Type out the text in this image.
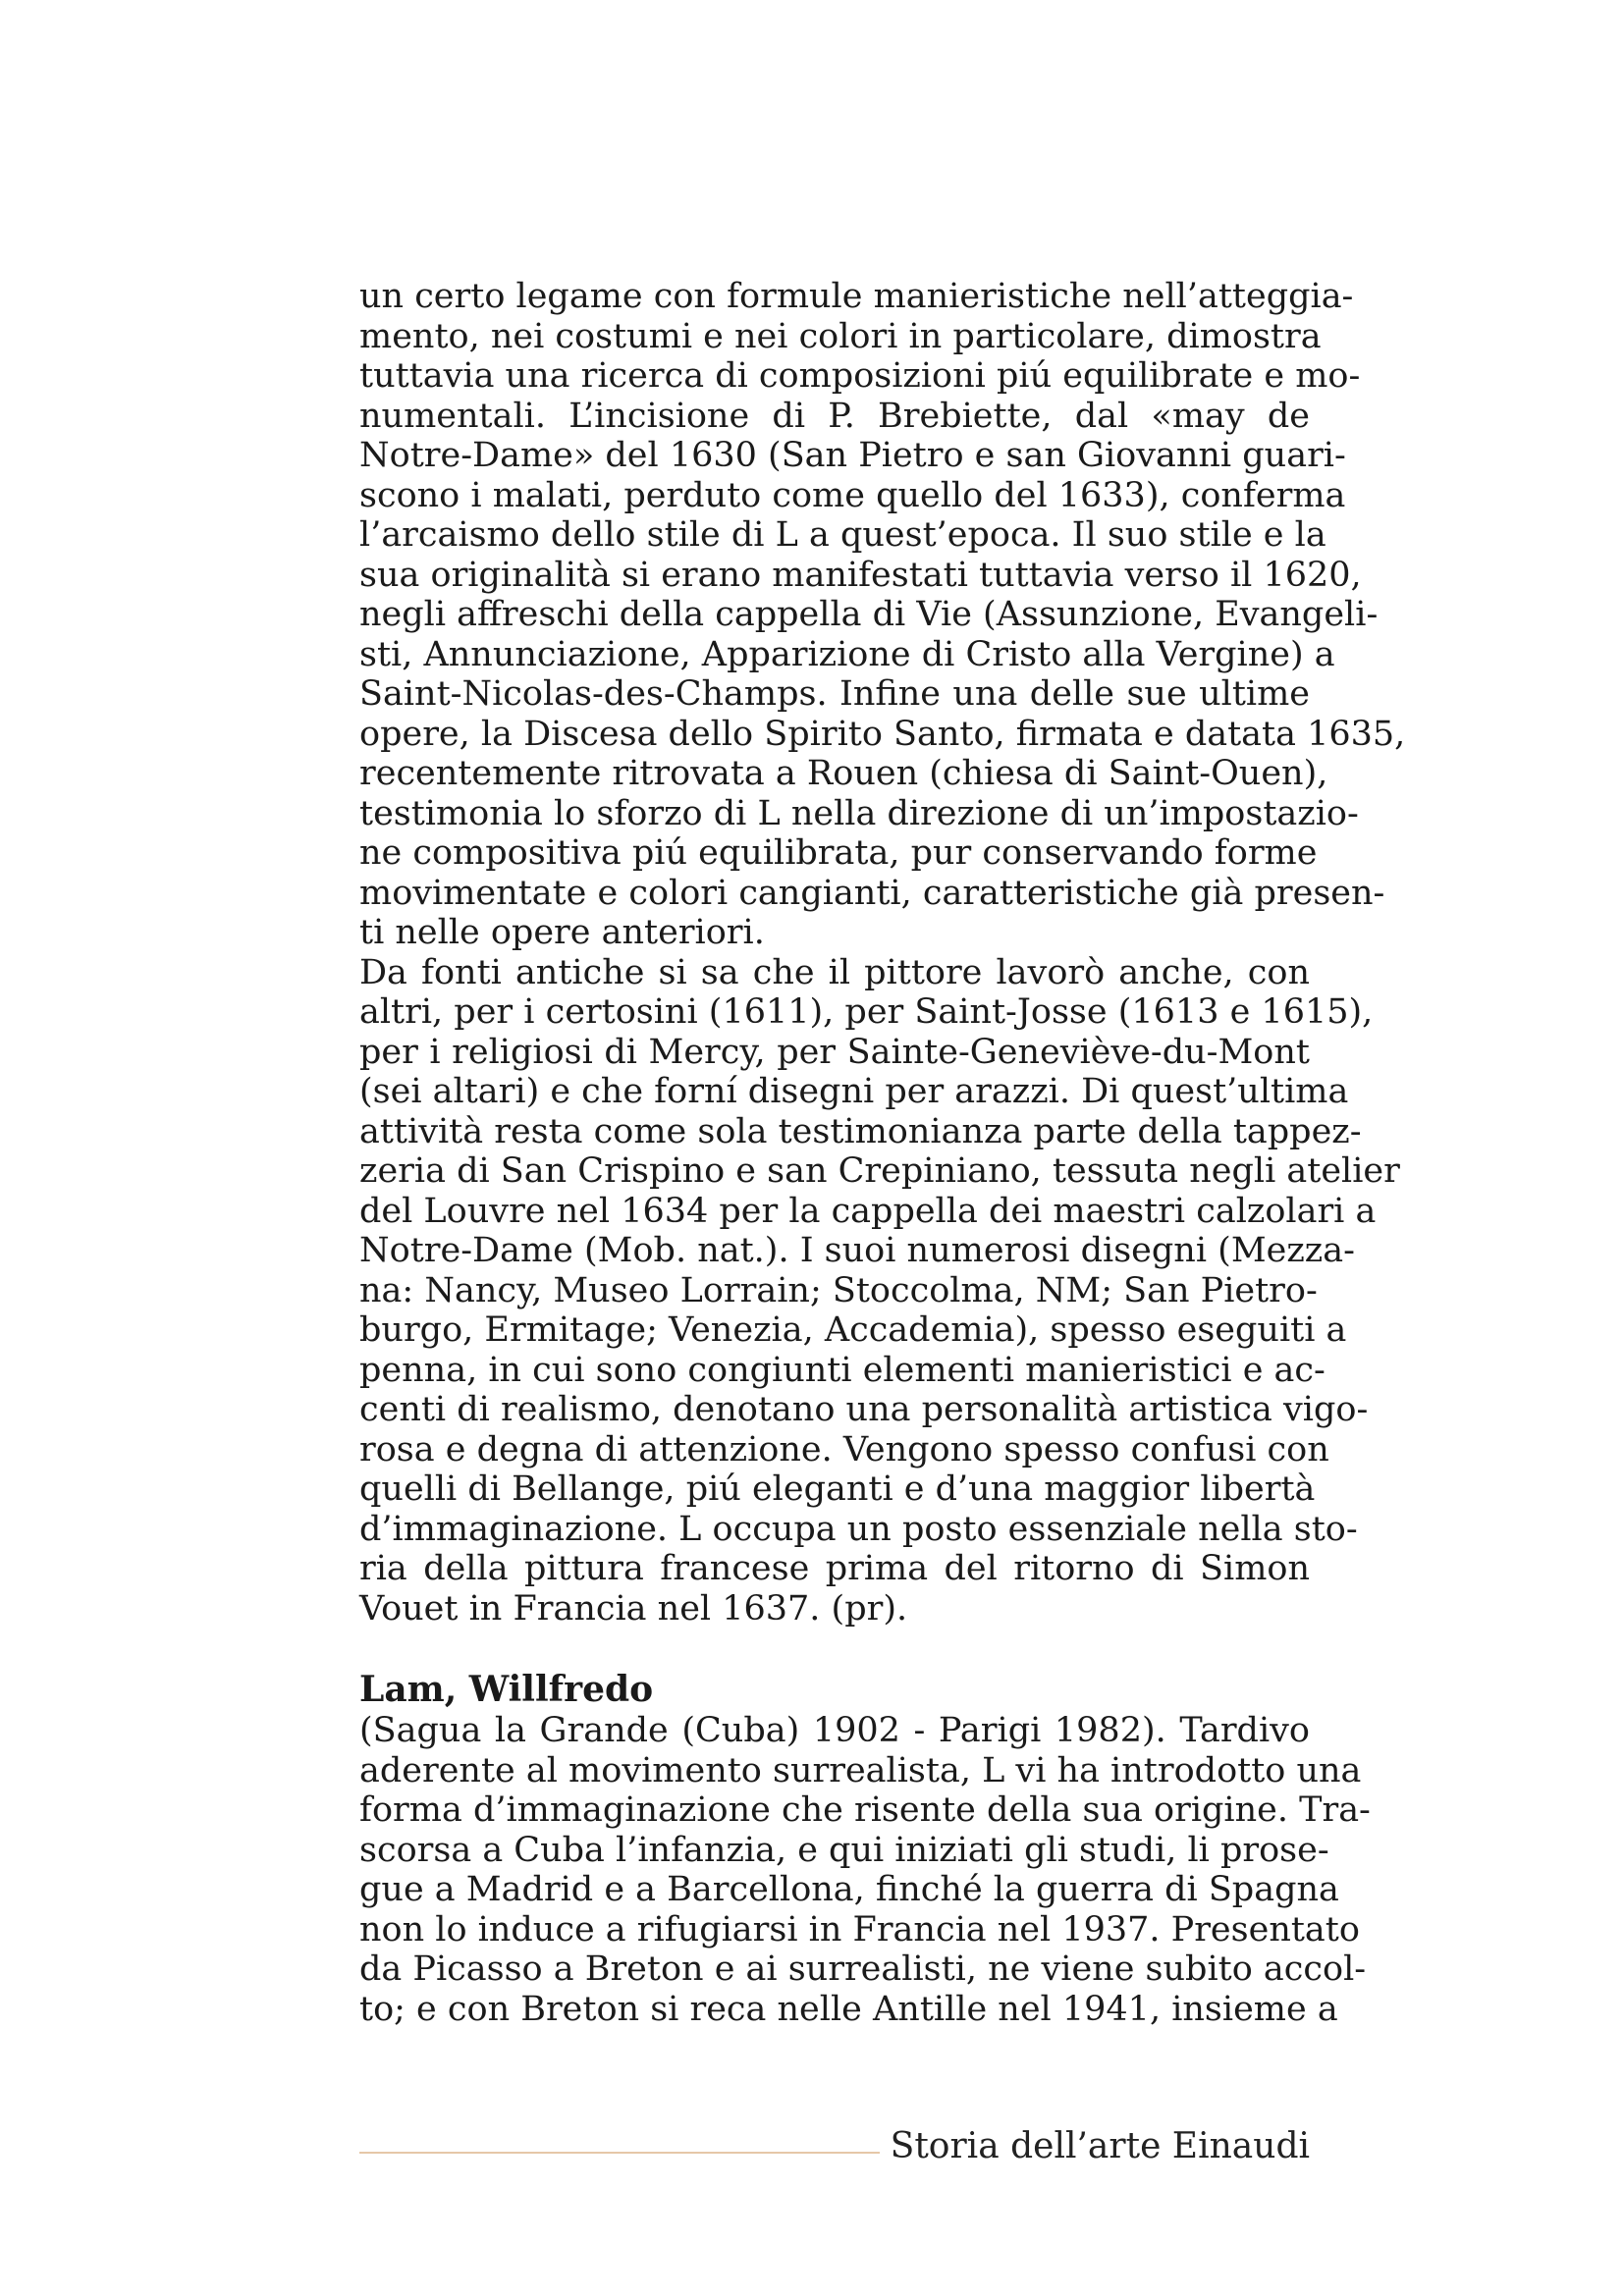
un certo legame con formule manieristiche nell’atteggia-
mento, nei costumi e nei colori in particolare, dimostra
tuttavia una ricerca di composizioni piú equilibrate e mo-
numentali. L’incisione di P. Brebiette, dal «may de
Notre-Dame» del 1630 (San Pietro e san Giovanni guari-
scono i malati, perduto come quello del 1633), conferma
l’arcaismo dello stile di L a quest’epoca. Il suo stile e la
sua originalità si erano manifestati tuttavia verso il 1620,
negli affreschi della cappella di Vie (Assunzione, Evangeli-
sti, Annunciazione, Apparizione di Cristo alla Vergine) a
Saint-Nicolas-des-Champs. Infine una delle sue ultime
opere, la Discesa dello Spirito Santo, firmata e datata 1635,
recentemente ritrovata a Rouen (chiesa di Saint-Ouen),
testimonia lo sforzo di L nella direzione di un’impostazio-
ne compositiva piú equilibrata, pur conservando forme
movimentate e colori cangianti, caratteristiche già presen-
ti nelle opere anteriori.
Da fonti antiche si sa che il pittore lavorò anche, con
altri, per i certosini (1611), per Saint-Josse (1613 e 1615),
per i religiosi di Mercy, per Sainte-Geneviève-du-Mont
(sei altari) e che forní disegni per arazzi. Di quest’ultima
attività resta come sola testimonianza parte della tappez-
zeria di San Crispino e san Crepiniano, tessuta negli atelier
del Louvre nel 1634 per la cappella dei maestri calzolari a
Notre-Dame (Mob. nat.). I suoi numerosi disegni (Mezza-
na: Nancy, Museo Lorrain; Stoccolma, NM; San Pietro-
burgo, Ermitage; Venezia, Accademia), spesso eseguiti a
penna, in cui sono congiunti elementi manieristici e ac-
centi di realismo, denotano una personalità artistica vigo-
rosa e degna di attenzione. Vengono spesso confusi con
quelli di Bellange, piú eleganti e d’una maggior libertà
d’immaginazione. L occupa un posto essenziale nella sto-
ria della pittura francese prima del ritorno di Simon
Vouet in Francia nel 1637. (pr).
Lam, Willfredo
(Sagua la Grande (Cuba) 1902 - Parigi 1982). Tardivo
aderente al movimento surrealista, L vi ha introdotto una
forma d’immaginazione che risente della sua origine. Tra-
scorsa a Cuba l’infanzia, e qui iniziati gli studi, li prose-
gue a Madrid e a Barcellona, finché la guerra di Spagna
non lo induce a rifugiarsi in Francia nel 1937. Presentato
da Picasso a Breton e ai surrealisti, ne viene subito accol-
to; e con Breton si reca nelle Antille nel 1941, insieme a
Storia dell’arte Einaudi
